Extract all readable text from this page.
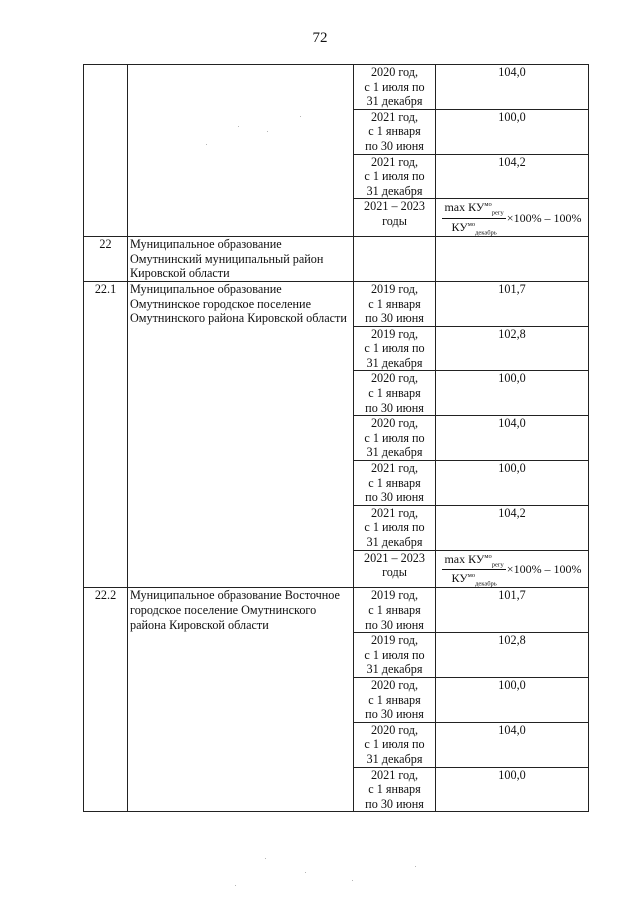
72
		2020 год,
с 1 июля по
31 декабря	104,0
		2021 год,
с 1 января
по 30 июня	100,0
		2021 год,
с 1 июля по
31 декабря	104,2
		2021 – 2023
годы	$\frac{\max КУ^{мо}_{регу}}{КУ^{мо}_{декабрь}} \times 100\% - 100\%$

22	Муниципальное образование Омутнинский муниципальный район Кировской области		
22.1	Муниципальное образование Омутнинское городское поселение Омутнинского района Кировской области	2019 год,
с 1 января
по 30 июня	101,7
		2019 год,
с 1 июля по
31 декабря	102,8
		2020 год,
с 1 января
по 30 июня	100,0
		2020 год,
с 1 июля по
31 декабря	104,0
		2021 год,
с 1 января
по 30 июня	100,0
		2021 год,
с 1 июля по
31 декабря	104,2
		2021 – 2023
годы	$\frac{\max КУ^{мо}_{регу}}{КУ^{мо}_{декабрь}} \times 100\% - 100\%$

22.2	Муниципальное образование Восточное городское поселение Омутнинского района Кировской области	2019 год,
с 1 января
по 30 июня	101,7
		2019 год,
с 1 июля по
31 декабря	102,8
		2020 год,
с 1 января
по 30 июня	100,0
		2020 год,
с 1 июля по
31 декабря	104,0
		2021 год,
с 1 января
по 30 июня	100,0
